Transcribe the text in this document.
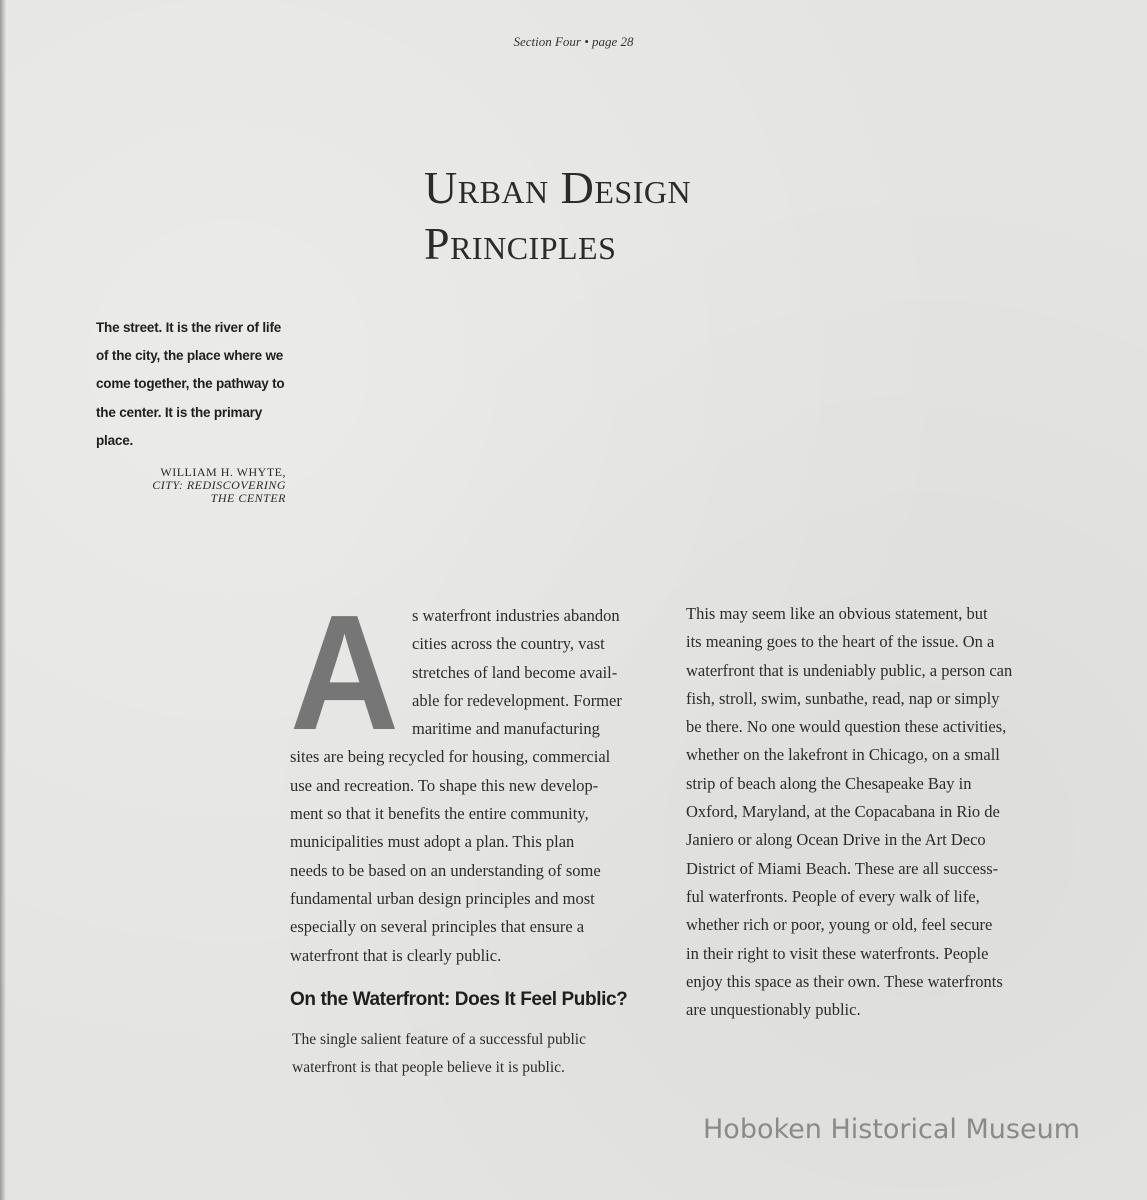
Section Four • page 28
Urban Design
Principles
The street. It is the river of life of the city, the place where we come together, the pathway to the center. It is the primary place.
WILLIAM H. WHYTE,
CITY: REDISCOVERING
THE CENTER
A s waterfront industries abandon
cities across the country, vast
stretches of land become avail-
able for redevelopment. Former
maritime and manufacturing
sites are being recycled for housing, commercial
use and recreation. To shape this new develop-
ment so that it benefits the entire community,
municipalities must adopt a plan. This plan
needs to be based on an understanding of some
fundamental urban design principles and most
especially on several principles that ensure a
waterfront that is clearly public.
On the Waterfront: Does It Feel Public?
The single salient feature of a successful public
waterfront is that people believe it is public.
This may seem like an obvious statement, but
its meaning goes to the heart of the issue. On a
waterfront that is undeniably public, a person can
fish, stroll, swim, sunbathe, read, nap or simply
be there. No one would question these activities,
whether on the lakefront in Chicago, on a small
strip of beach along the Chesapeake Bay in
Oxford, Maryland, at the Copacabana in Rio de
Janiero or along Ocean Drive in the Art Deco
District of Miami Beach. These are all success-
ful waterfronts. People of every walk of life,
whether rich or poor, young or old, feel secure
in their right to visit these waterfronts. People
enjoy this space as their own. These waterfronts
are unquestionably public.
Hoboken Historical Museum
